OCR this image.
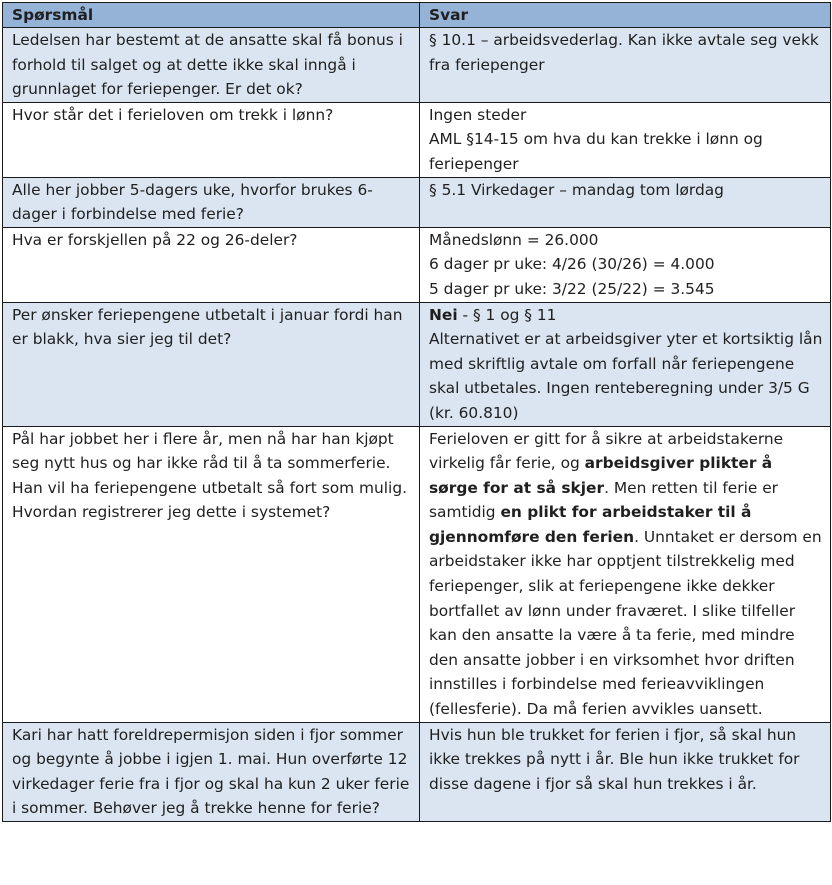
Spørsmål	Svar
Ledelsen har bestemt at de ansatte skal få bonus i forhold til salget og at dette ikke skal inngå i grunnlaget for feriepenger. Er det ok?	§ 10.1 – arbeidsvederlag. Kan ikke avtale seg vekk fra feriepenger
Hvor står det i ferieloven om trekk i lønn?	Ingen steder
AML §14-15 om hva du kan trekke i lønn og feriepenger

Alle her jobber 5-dagers uke, hvorfor brukes 6-dager i forbindelse med ferie?	§ 5.1 Virkedager – mandag tom lørdag
Hva er forskjellen på 22 og 26-deler?	Månedslønn = 26.000
6 dager pr uke: 4/26 (30/26) = 4.000
5 dager pr uke: 3/22 (25/22) = 3.545

Per ønsker feriepengene utbetalt i januar fordi han er blakk, hva sier jeg til det?	Nei - § 1 og § 11
Alternativet er at arbeidsgiver yter et kortsiktig lån med skriftlig avtale om forfall når feriepengene skal utbetales. Ingen renteberegning under 3/5 G (kr. 60.810)

Pål har jobbet her i flere år, men nå har han kjøpt seg nytt hus og har ikke råd til å ta sommerferie. Han vil ha feriepengene utbetalt så fort som mulig. Hvordan registrerer jeg dette i systemet?	Ferieloven er gitt for å sikre at arbeidstakerne virkelig får ferie, og arbeidsgiver plikter å sørge for at så skjer. Men retten til ferie er samtidig en plikt for arbeidstaker til å gjennomføre den ferien. Unntaket er dersom en arbeidstaker ikke har opptjent tilstrekkelig med feriepenger, slik at feriepengene ikke dekker bortfallet av lønn under fraværet. I slike tilfeller kan den ansatte la være å ta ferie, med mindre den ansatte jobber i en virksomhet hvor driften innstilles i forbindelse med ferieavviklingen (fellesferie). Da må ferien avvikles uansett.
Kari har hatt foreldrepermisjon siden i fjor sommer og begynte å jobbe i igjen 1. mai. Hun overførte 12 virkedager ferie fra i fjor og skal ha kun 2 uker ferie i sommer. Behøver jeg å trekke henne for ferie?	Hvis hun ble trukket for ferien i fjor, så skal hun ikke trekkes på nytt i år. Ble hun ikke trukket for disse dagene i fjor så skal hun trekkes i år.
